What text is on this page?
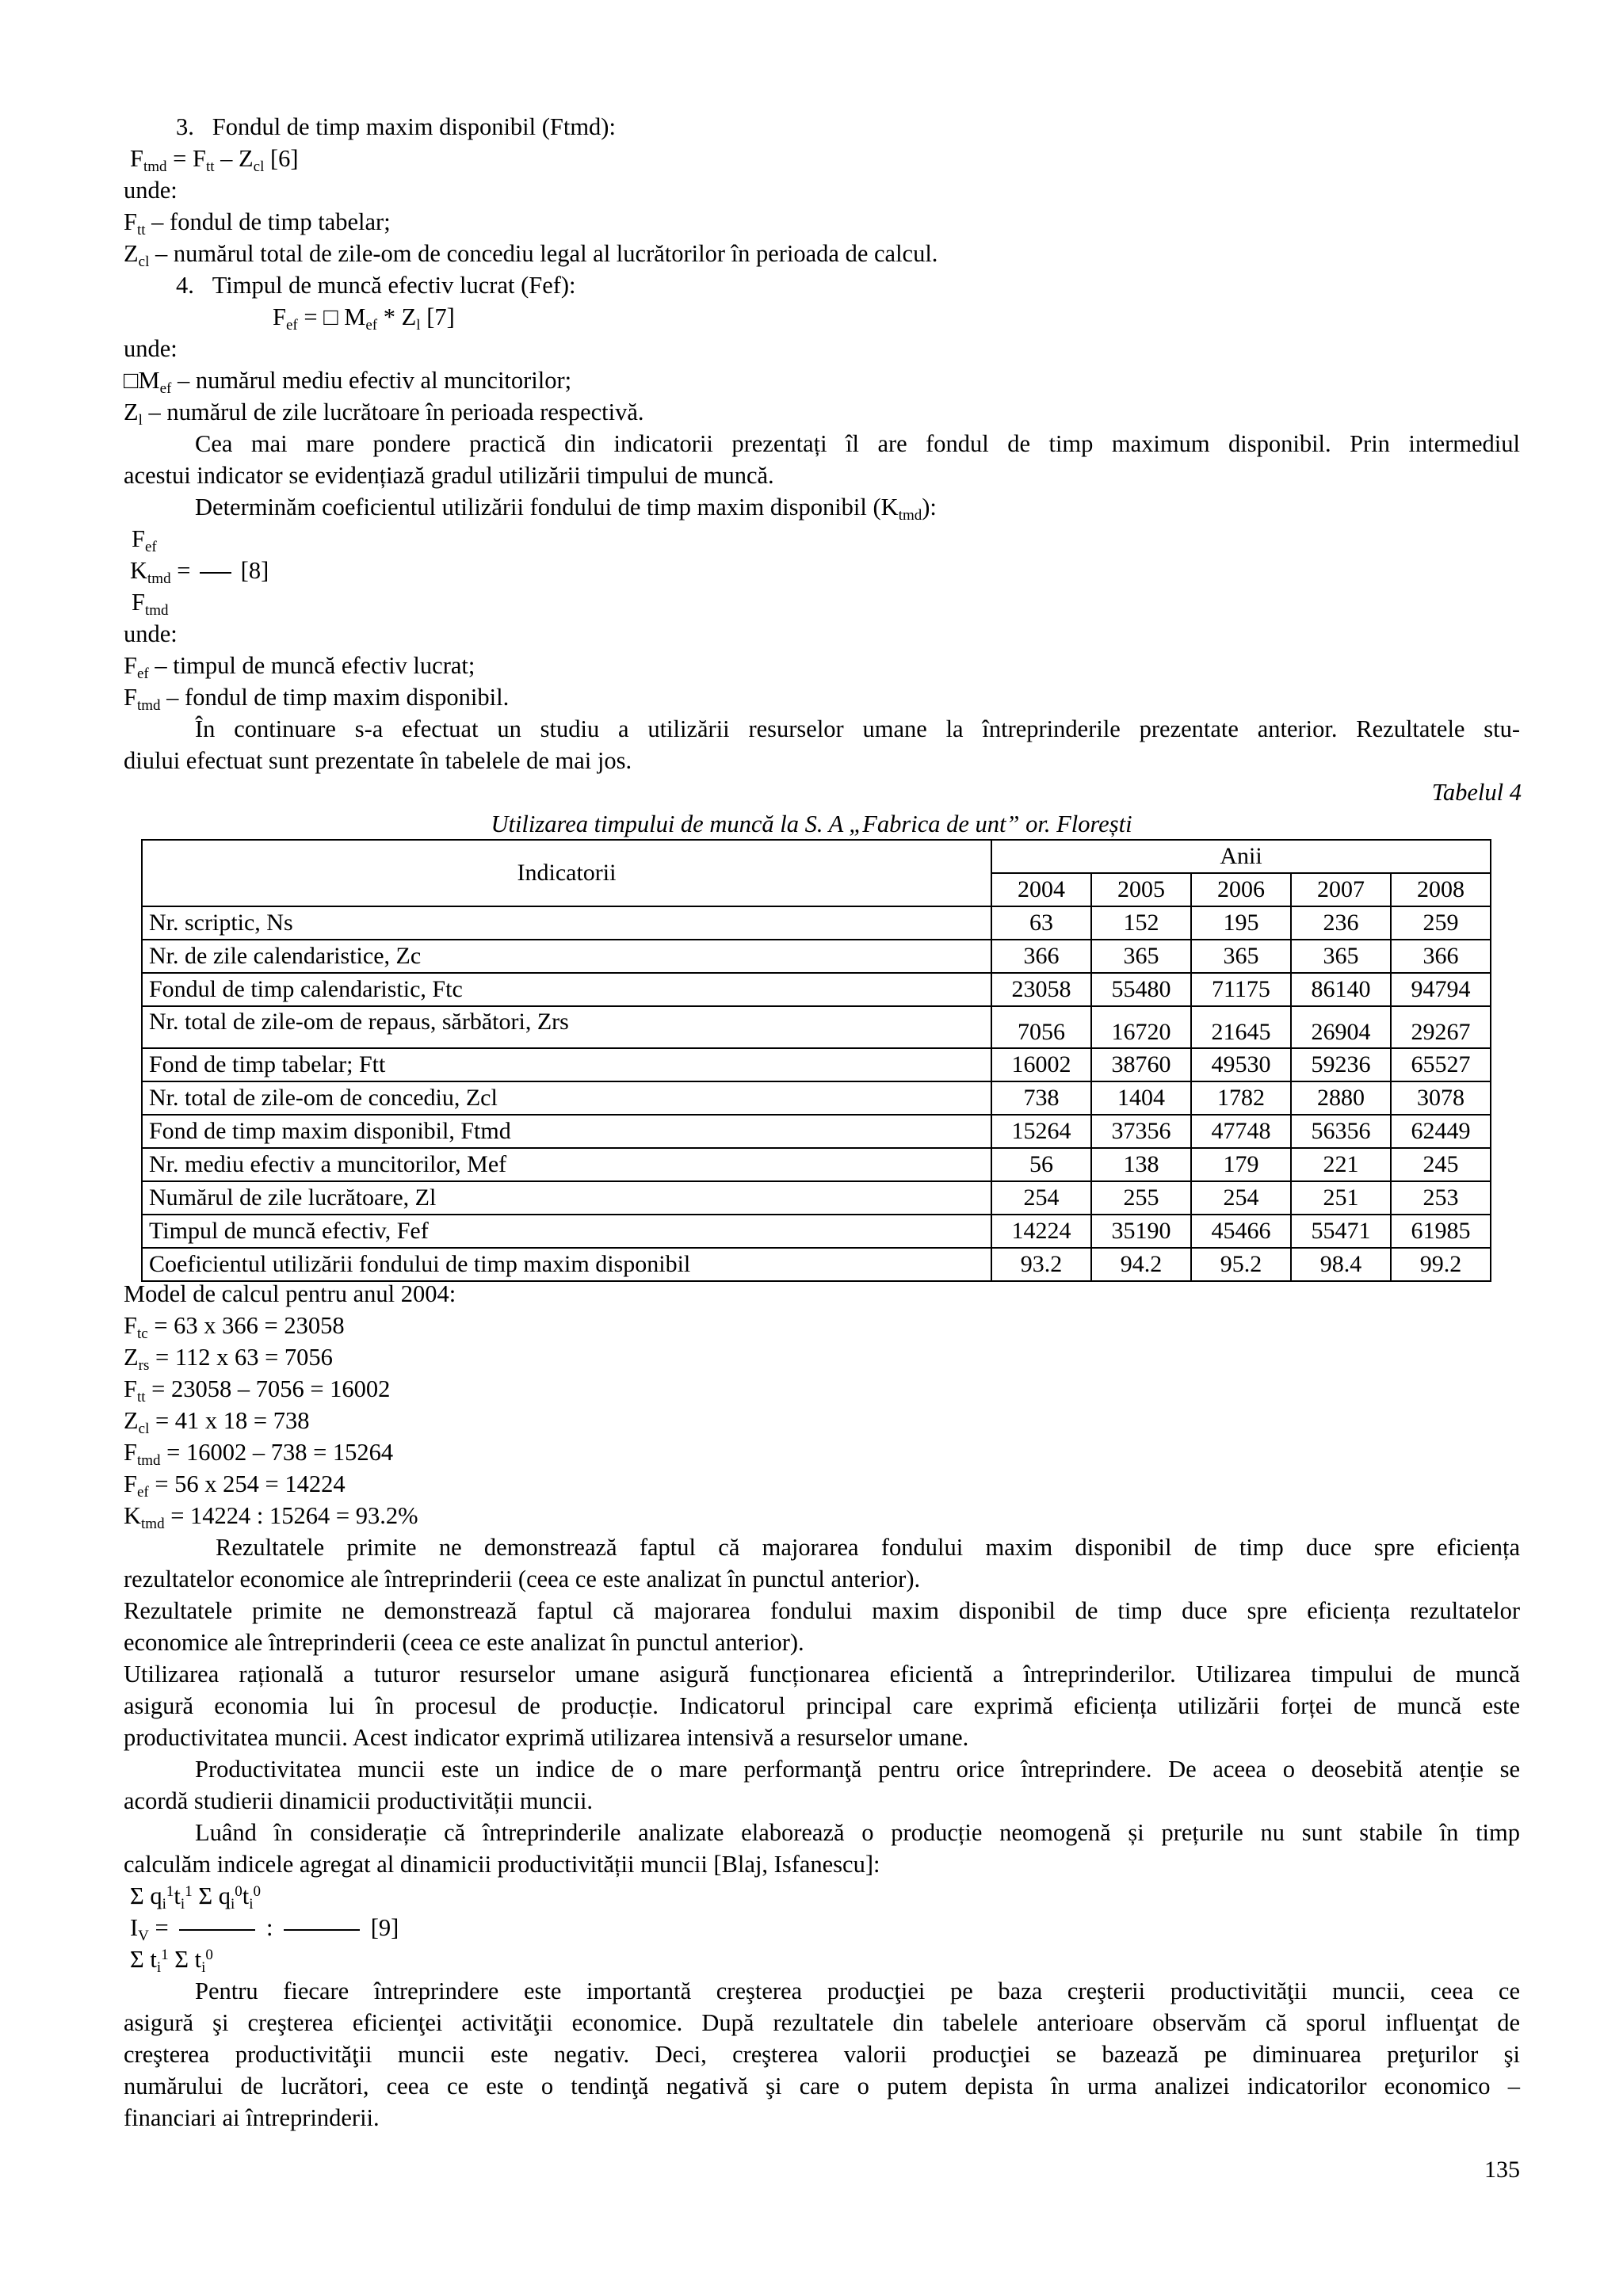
3. Fondul de timp maxim disponibil (Ftmd):
$F_{tmd} = F_{tt} - Z_{cl}$ [6]
unde:
$F_{tt}$ – fondul de timp tabelar;
$Z_{cl}$ – numărul total de zile-om de concediu legal al lucrătorilor în perioada de calcul.
4. Timpul de muncă efectiv lucrat (Fef):
$F_{ef}$ = □ $M_{ef} * Z_l$ [7]
unde:
$□M_{ef}$ – numărul mediu efectiv al muncitorilor;
$Z_l$ – numărul de zile lucrătoare în perioada respectivă.
Cea mai mare pondere practică din indicatorii prezentați îl are fondul de timp maximum disponibil. Prin intermediul
acestui indicator se evidențiază gradul utilizării timpului de muncă.
Determinăm coeficientul utilizării fondului de timp maxim disponibil $(K_{tmd})$:
$F_{ef}$
$K_{tmd} = [8]$
$F_{tmd}$
unde:
$F_{ef}$ – timpul de muncă efectiv lucrat;
$F_{tmd}$ – fondul de timp maxim disponibil.
În continuare s-a efectuat un studiu a utilizării resurselor umane la întreprinderile prezentate anterior. Rezultatele stu-
diului efectuat sunt prezentate în tabelele de mai jos.
Tabelul 4
Utilizarea timpului de muncă la S. A „Fabrica de unt” or. Florești
Indicatorii	Anii				
	2004	2005	2006	2007	2008
Nr. scriptic, Ns	63	152	195	236	259
Nr. de zile calendaristice, Zc	366	365	365	365	366
Fondul de timp calendaristic, Ftc	23058	55480	71175	86140	94794
Nr. total de zile-om de repaus, sărbători, Zrs	7056	16720	21645	26904	29267
Fond de timp tabelar; Ftt	16002	38760	49530	59236	65527
Nr. total de zile-om de concediu, Zcl	738	1404	1782	2880	3078
Fond de timp maxim disponibil, Ftmd	15264	37356	47748	56356	62449
Nr. mediu efectiv a muncitorilor, Mef	56	138	179	221	245
Numărul de zile lucrătoare, Zl	254	255	254	251	253
Timpul de muncă efectiv, Fef	14224	35190	45466	55471	61985
Coeficientul utilizării fondului de timp maxim disponibil	93.2	94.2	95.2	98.4	99.2
Model de calcul pentru anul 2004:
$F_{tc} = 63$ x 366 = 23058
$Z_{rs} = 112$ x 63 = 7056
$F_{tt} = 23058 - 7056 = 16002$
$Z_{cl} = 41$ x 18 = 738
$F_{tmd} = 16002 - 738 = 15264$
$F_{ef} = 56$ x 254 = 14224
$K_{tmd} = 14224$ : 15264 = 93.2%
Rezultatele primite ne demonstrează faptul că majorarea fondului maxim disponibil de timp duce spre eficiența
rezultatelor economice ale întreprinderii (ceea ce este analizat în punctul anterior).
Rezultatele primite ne demonstrează faptul că majorarea fondului maxim disponibil de timp duce spre eficiența rezultatelor
economice ale întreprinderii (ceea ce este analizat în punctul anterior).
Utilizarea rațională a tuturor resurselor umane asigură funcționarea eficientă a întreprinderilor. Utilizarea timpului de muncă
asigură economia lui în procesul de producție. Indicatorul principal care exprimă eficiența utilizării forței de muncă este
productivitatea muncii. Acest indicator exprimă utilizarea intensivă a resurselor umane.
Productivitatea muncii este un indice de o mare performanţă pentru orice întreprindere. De aceea o deosebită atenție se
acordă studierii dinamicii productivității muncii.
Luând în considerație că întreprinderile analizate elaborează o producție neomogenă și prețurile nu sunt stabile în timp
calculăm indicele agregat al dinamicii productivității muncii [Blaj, Isfanescu]:
Σ $q_i^1t_i^1$ Σ $q_i^0t_i^0$
$I_V$ =	:	[9]
Σ $t_i^1$ Σ $t_i^0$
Pentru fiecare întreprindere este importantă creşterea producţiei pe baza creşterii productivităţii muncii, ceea ce
asigură şi creşterea eficienţei activităţii economice. După rezultatele din tabelele anterioare observăm că sporul influenţat de
creşterea productivităţii muncii este negativ. Deci, creşterea valorii producţiei se bazează pe diminuarea preţurilor şi
numărului de lucrători, ceea ce este o tendinţă negativă şi care o putem depista în urma analizei indicatorilor economico –
financiari ai întreprinderii.
135
